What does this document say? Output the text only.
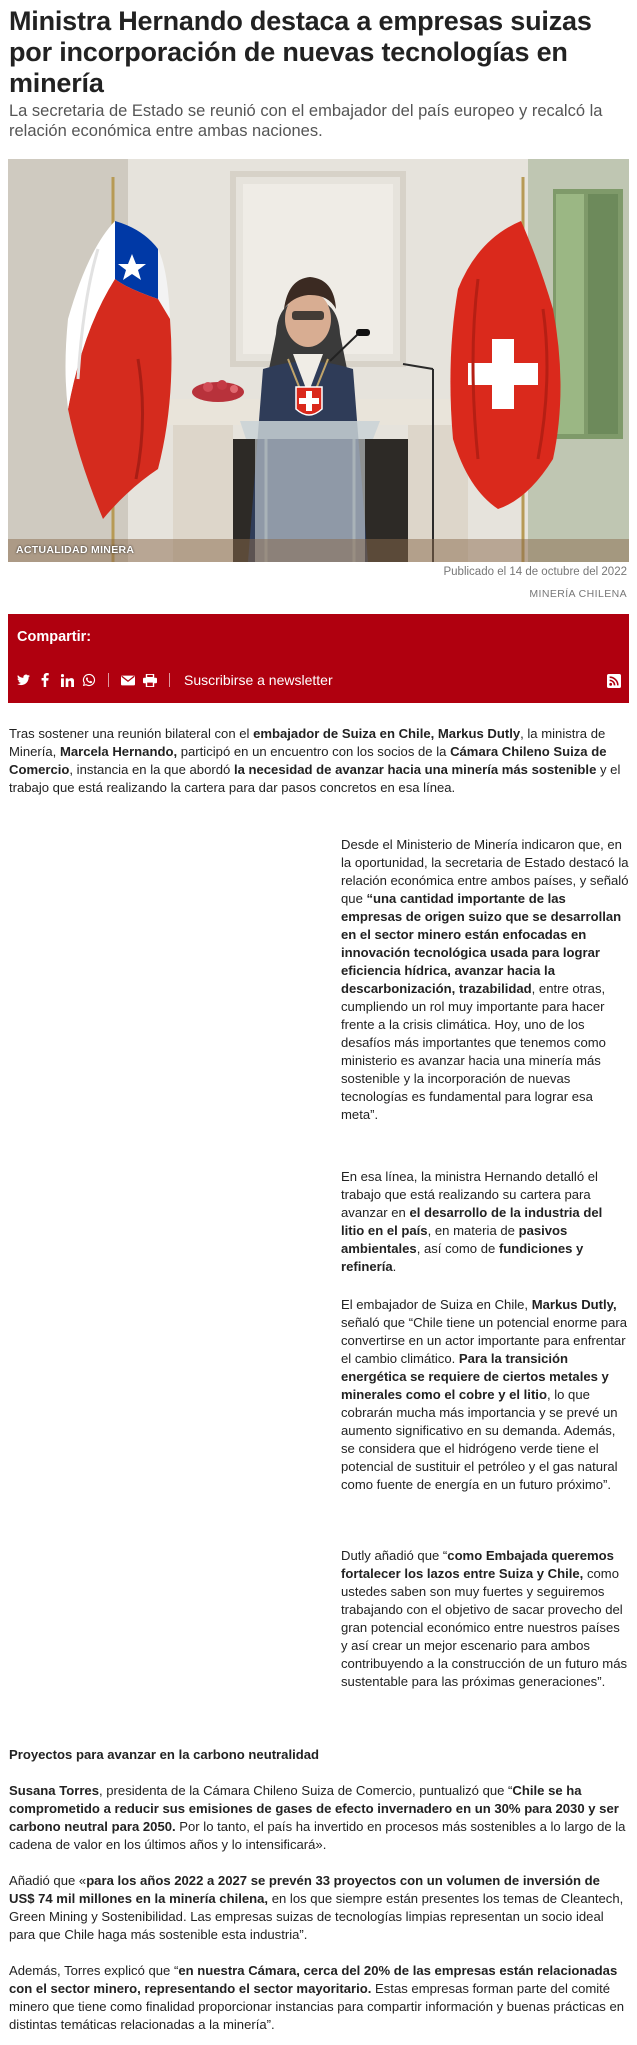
Ministra Hernando destaca a empresas suizas por incorporación de nuevas tecnologías en minería

La secretaria de Estado se reunió con el embajador del país europeo y recalcó la relación económica entre ambas naciones.

ACTUALIDAD MINERA
Publicado el 14 de octubre del 2022
MINERÍA CHILENA
Compartir:
Suscribirse a newsletter

Tras sostener una reunión bilateral con el embajador de Suiza en Chile, Markus Dutly, la ministra de Minería, Marcela Hernando, participó en un encuentro con los socios de la Cámara Chileno Suiza de Comercio, instancia en la que abordó la necesidad de avanzar hacia una minería más sostenible y el trabajo que está realizando la cartera para dar pasos concretos en esa línea.

Desde el Ministerio de Minería indicaron que, en la oportunidad, la secretaria de Estado destacó la relación económica entre ambos países, y señaló que “una cantidad importante de las empresas de origen suizo que se desarrollan en el sector minero están enfocadas en innovación tecnológica usada para lograr eficiencia hídrica, avanzar hacia la descarbonización, trazabilidad, entre otras, cumpliendo un rol muy importante para hacer frente a la crisis climática. Hoy, uno de los desafíos más importantes que tenemos como ministerio es avanzar hacia una minería más sostenible y la incorporación de nuevas tecnologías es fundamental para lograr esa meta”.

En esa línea, la ministra Hernando detalló el trabajo que está realizando su cartera para avanzar en el desarrollo de la industria del litio en el país, en materia de pasivos ambientales, así como de fundiciones y refinería.

El embajador de Suiza en Chile, Markus Dutly, señaló que “Chile tiene un potencial enorme para convertirse en un actor importante para enfrentar el cambio climático. Para la transición energética se requiere de ciertos metales y minerales como el cobre y el litio, lo que cobrarán mucha más importancia y se prevé un aumento significativo en su demanda. Además, se considera que el hidrógeno verde tiene el potencial de sustituir el petróleo y el gas natural como fuente de energía en un futuro próximo”.

Dutly añadió que “como Embajada queremos fortalecer los lazos entre Suiza y Chile, como ustedes saben son muy fuertes y seguiremos trabajando con el objetivo de sacar provecho del gran potencial económico entre nuestros países y así crear un mejor escenario para ambos contribuyendo a la construcción de un futuro más sustentable para las próximas generaciones”.

Proyectos para avanzar en la carbono neutralidad

Susana Torres, presidenta de la Cámara Chileno Suiza de Comercio, puntualizó que “Chile se ha comprometido a reducir sus emisiones de gases de efecto invernadero en un 30% para 2030 y ser carbono neutral para 2050. Por lo tanto, el país ha invertido en procesos más sostenibles a lo largo de la cadena de valor en los últimos años y lo intensificará».

Añadió que «para los años 2022 a 2027 se prevén 33 proyectos con un volumen de inversión de US$ 74 mil millones en la minería chilena, en los que siempre están presentes los temas de Cleantech, Green Mining y Sostenibilidad. Las empresas suizas de tecnologías limpias representan un socio ideal para que Chile haga más sostenible esta industria”.

Además, Torres explicó que “en nuestra Cámara, cerca del 20% de las empresas están relacionadas con el sector minero, representando el sector mayoritario. Estas empresas forman parte del comité minero que tiene como finalidad proporcionar instancias para compartir información y buenas prácticas en distintas temáticas relacionadas a la minería”.
